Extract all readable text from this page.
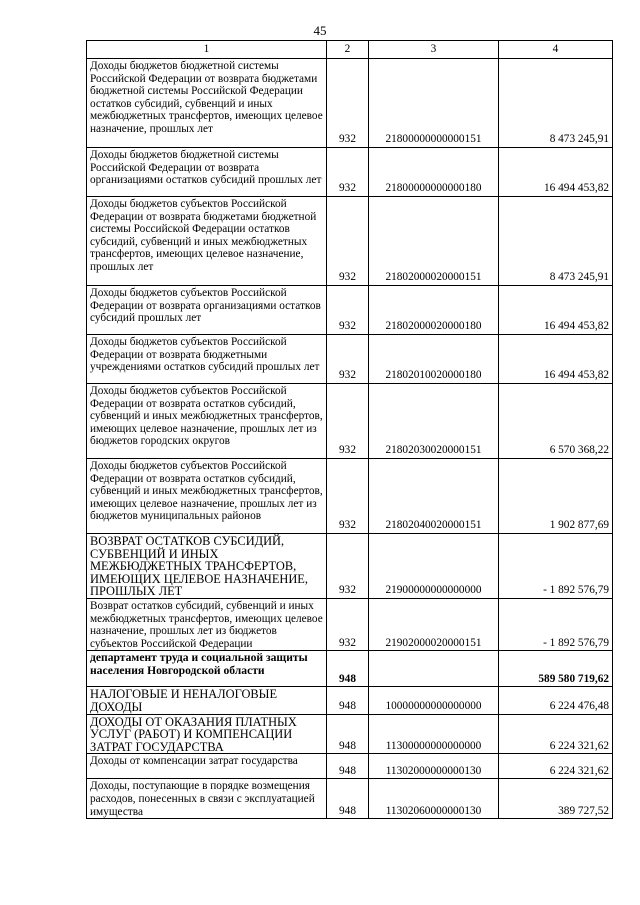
45
1	2	3	4
Доходы бюджетов бюджетной системы Российской Федерации от возврата бюджетами бюджетной системы Российской Федерации остатков субсидий, субвенций и иных межбюджетных трансфертов, имеющих целевое назначение, прошлых лет	932	21800000000000151	8 473 245,91
Доходы бюджетов бюджетной системы Российской Федерации от возврата организациями остатков субсидий прошлых лет	932	21800000000000180	16 494 453,82
Доходы бюджетов субъектов Российской Федерации от возврата бюджетами бюджетной системы Российской Федерации остатков субсидий, субвенций и иных межбюджетных трансфертов, имеющих целевое назначение, прошлых лет	932	21802000020000151	8 473 245,91
Доходы бюджетов субъектов Российской Федерации от возврата организациями остатков субсидий прошлых лет	932	21802000020000180	16 494 453,82
Доходы бюджетов субъектов Российской Федерации от возврата бюджетными учреждениями остатков субсидий прошлых лет	932	21802010020000180	16 494 453,82
Доходы бюджетов субъектов Российской Федерации от возврата остатков субсидий, субвенций и иных межбюджетных трансфертов, имеющих целевое назначение, прошлых лет из бюджетов городских округов	932	21802030020000151	6 570 368,22
Доходы бюджетов субъектов Российской Федерации от возврата остатков субсидий, субвенций и иных межбюджетных трансфертов, имеющих целевое назначение, прошлых лет из бюджетов муниципальных районов	932	21802040020000151	1 902 877,69
ВОЗВРАТ ОСТАТКОВ СУБСИДИЙ, СУБВЕНЦИЙ И ИНЫХ МЕЖБЮДЖЕТНЫХ ТРАНСФЕРТОВ, ИМЕЮЩИХ ЦЕЛЕВОЕ НАЗНАЧЕНИЕ, ПРОШЛЫХ ЛЕТ	932	21900000000000000	- 1 892 576,79
Возврат остатков субсидий, субвенций и иных межбюджетных трансфертов, имеющих целевое назначение, прошлых лет из бюджетов субъектов Российской Федерации	932	21902000020000151	- 1 892 576,79
департамент труда и социальной защиты населения Новгородской области	948		589 580 719,62
НАЛОГОВЫЕ И НЕНАЛОГОВЫЕ ДОХОДЫ	948	10000000000000000	6 224 476,48
ДОХОДЫ ОТ ОКАЗАНИЯ ПЛАТНЫХ УСЛУГ (РАБОТ) И КОМПЕНСАЦИИ ЗАТРАТ ГОСУДАРСТВА	948	11300000000000000	6 224 321,62
Доходы от компенсации затрат государства	948	11302000000000130	6 224 321,62
Доходы, поступающие в порядке возмещения расходов, понесенных в связи с эксплуатацией имущества	948	11302060000000130	389 727,52
